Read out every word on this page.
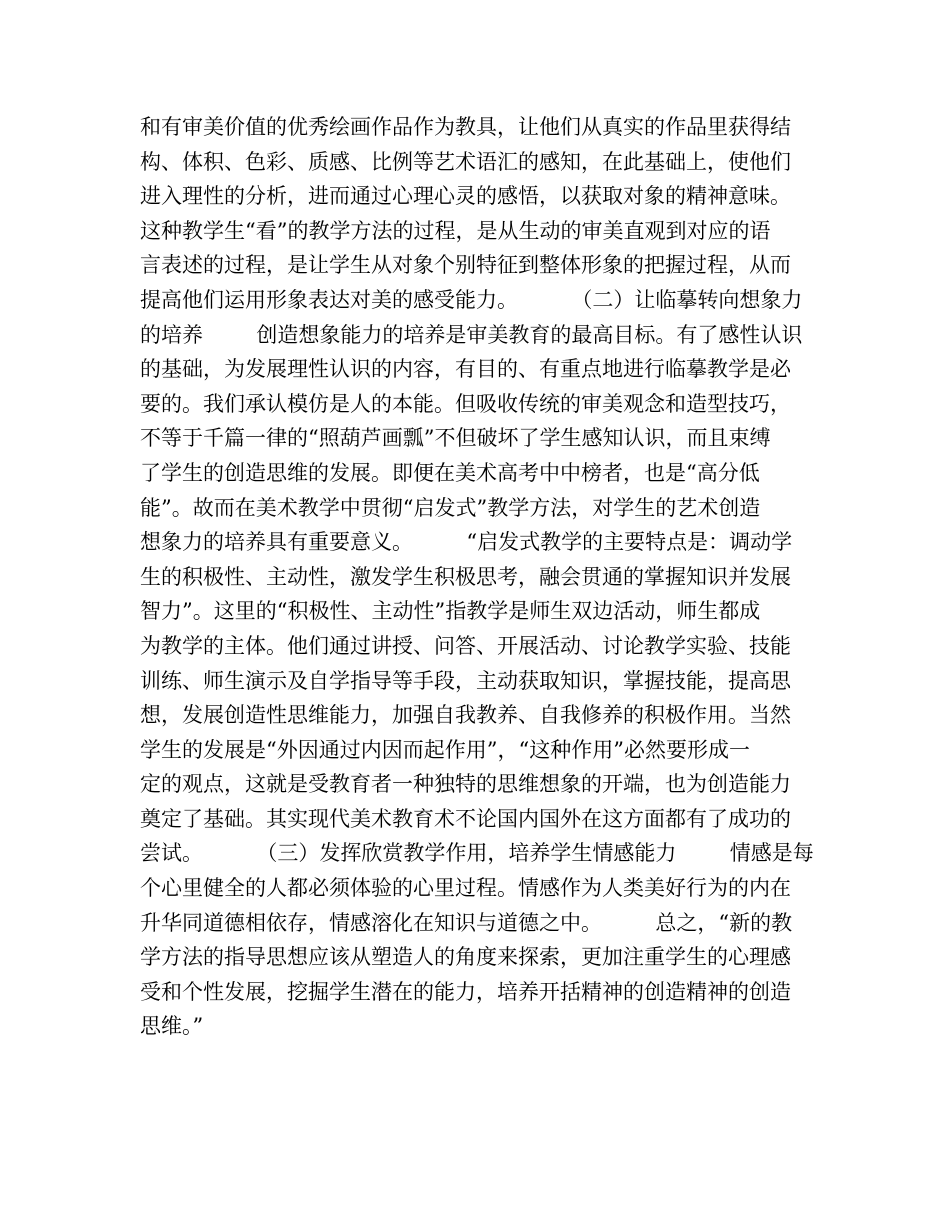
和有审美价值的优秀绘画作品作为教具，让他们从真实的作品里获得结
构、体积、色彩、质感、比例等艺术语汇的感知，在此基础上，使他们
进入理性的分析，进而通过心理心灵的感悟，以获取对象的精神意味。
这种教学生“看”的教学方法的过程，是从生动的审美直观到对应的语
言表述的过程，是让学生从对象个别特征到整体形象的把握过程，从而
提高他们运用形象表达对美的感受能力。        （二）让临摹转向想象力
的培养        创造想象能力的培养是审美教育的最高目标。有了感性认识
的基础，为发展理性认识的内容，有目的、有重点地进行临摹教学是必
要的。我们承认模仿是人的本能。但吸收传统的审美观念和造型技巧，
不等于千篇一律的“照葫芦画瓢”不但破坏了学生感知认识，而且束缚
了学生的创造思维的发展。即便在美术高考中中榜者，也是“高分低
能”。故而在美术教学中贯彻“启发式”教学方法，对学生的艺术创造
想象力的培养具有重要意义。        “启发式教学的主要特点是：调动学
生的积极性、主动性，激发学生积极思考，融会贯通的掌握知识并发展
智力”。这里的“积极性、主动性”指教学是师生双边活动，师生都成
为教学的主体。他们通过讲授、问答、开展活动、讨论教学实验、技能
训练、师生演示及自学指导等手段，主动获取知识，掌握技能，提高思
想，发展创造性思维能力，加强自我教养、自我修养的积极作用。当然
学生的发展是“外因通过内因而起作用”，“这种作用”必然要形成一
定的观点，这就是受教育者一种独特的思维想象的开端，也为创造能力
奠定了基础。其实现代美术教育术不论国内国外在这方面都有了成功的
尝试。        （三）发挥欣赏教学作用，培养学生情感能力        情感是每
个心里健全的人都必须体验的心里过程。情感作为人类美好行为的内在
升华同道德相依存，情感溶化在知识与道德之中。        总之，“新的教
学方法的指导思想应该从塑造人的角度来探索，更加注重学生的心理感
受和个性发展，挖掘学生潜在的能力，培养开括精神的创造精神的创造
思维。”
